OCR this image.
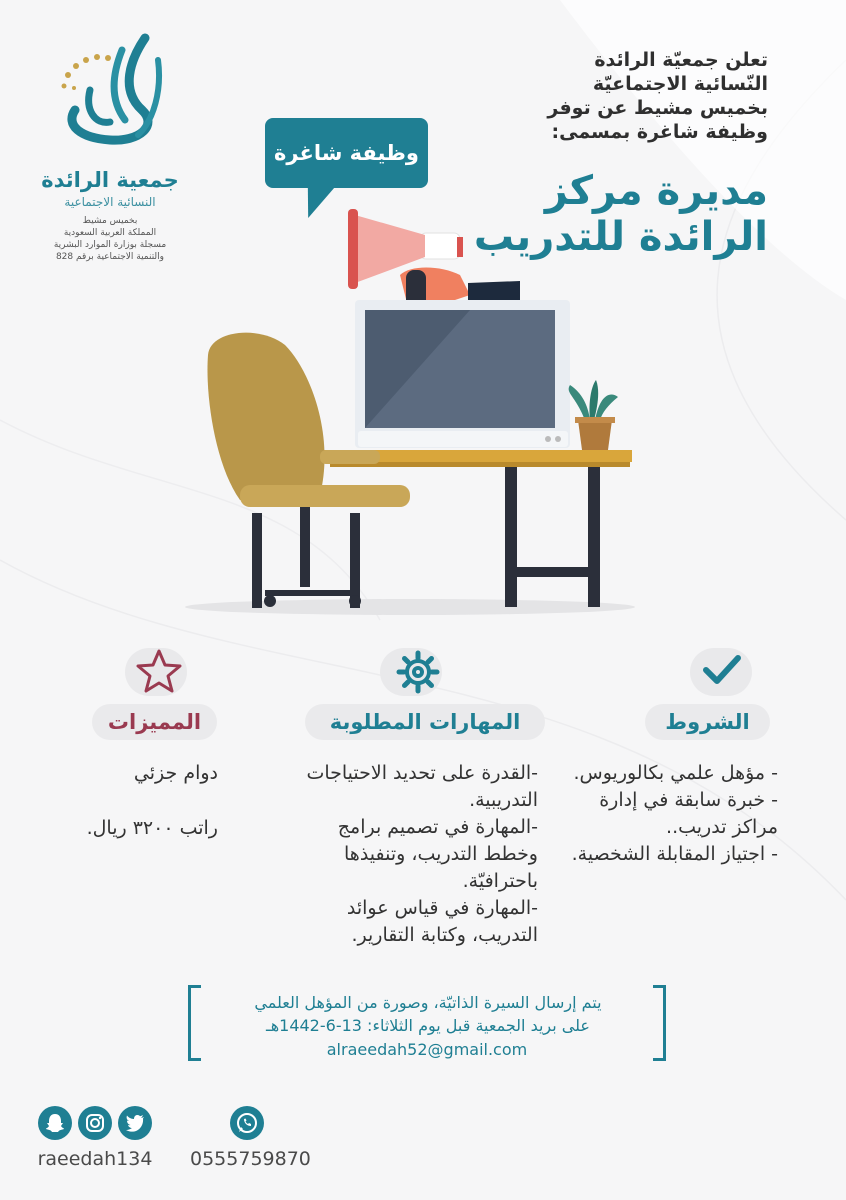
جمعية الرائدة
النسائية الاجتماعية
بخميس مشيط
المملكة العربية السعودية
مسجلة بوزارة الموارد البشرية
والتنمية الاجتماعية برقم 828
تعلن جمعيّة الرائدة
النّسائية الاجتماعيّة
بخميس مشيط عن توفر
وظيفة شاغرة بمسمى:
مديرة مركز
الرائدة للتدريب
وظيفة شاغرة
الشروط
المهارات المطلوبة
المميزات

- مؤهل علمي بكالوريوس.

- خبرة سابقة في إدارة مراكز تدريب..

- اجتياز المقابلة الشخصية.

-القدرة على تحديد الاحتياجات التدريبية.

-المهارة في تصميم برامج وخطط التدريب، وتنفيذها باحترافيّة.

-المهارة في قياس عوائد التدريب، وكتابة التقارير.

دوام جزئي

راتب ٣٢٠٠ ريال.

يتم إرسال السيرة الذاتيّة، وصورة من المؤهل العلمي
على بريد الجمعية قبل يوم الثلاثاء: 13-6-1442هـ
alraeedah52@gmail.com
raeedah134	0555759870
